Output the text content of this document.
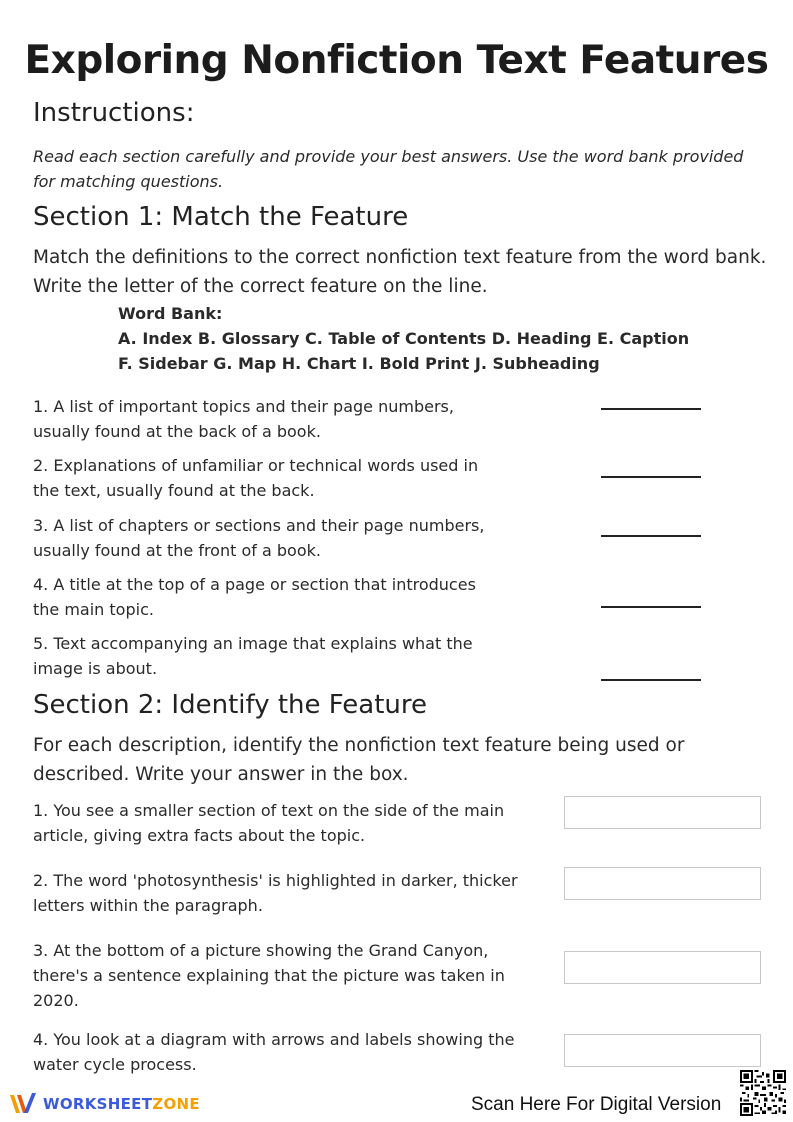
Exploring Nonfiction Text Features
Instructions:
Read each section carefully and provide your best answers. Use the word bank provided for matching questions.
Section 1: Match the Feature
Match the definitions to the correct nonfiction text feature from the word bank. Write the letter of the correct feature on the line.
Word Bank:
A. Index B. Glossary C. Table of Contents D. Heading E. Caption
F. Sidebar G. Map H. Chart I. Bold Print J. Subheading
1. A list of important topics and their page numbers, usually found at the back of a book.
2. Explanations of unfamiliar or technical words used in the text, usually found at the back.
3. A list of chapters or sections and their page numbers, usually found at the front of a book.
4. A title at the top of a page or section that introduces the main topic.
5. Text accompanying an image that explains what the image is about.
Section 2: Identify the Feature
For each description, identify the nonfiction text feature being used or described. Write your answer in the box.
1. You see a smaller section of text on the side of the main article, giving extra facts about the topic.
2. The word 'photosynthesis' is highlighted in darker, thicker letters within the paragraph.
3. At the bottom of a picture showing the Grand Canyon, there's a sentence explaining that the picture was taken in 2020.
4. You look at a diagram with arrows and labels showing the water cycle process.
WORKSHEETZONE	Scan Here For Digital Version
